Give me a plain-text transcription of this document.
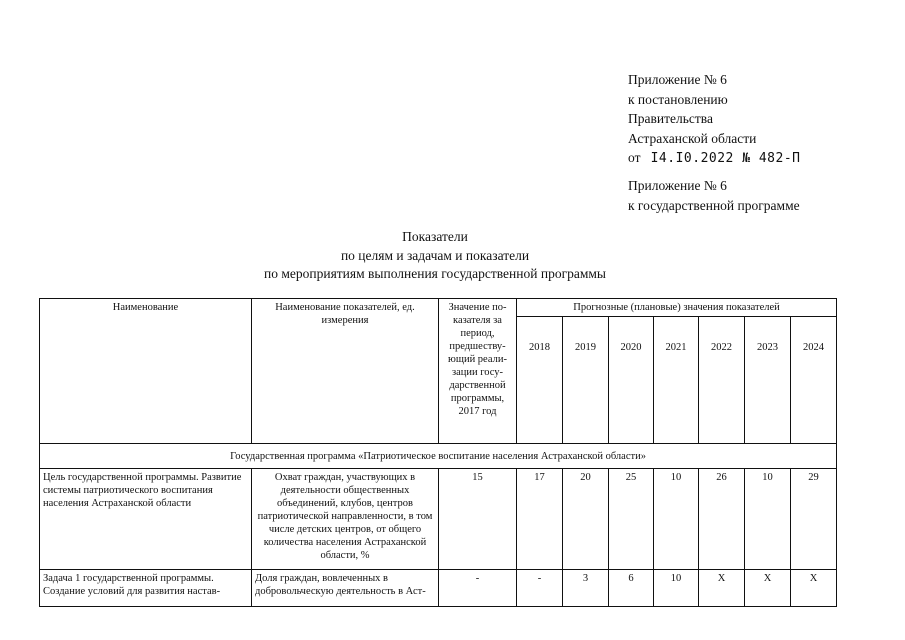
Приложение № 6
к постановлению
Правительства
Астраханской области
от I4.I0.2022 № 482-П
Приложение № 6
к государственной программе
Показатели
по целям и задачам и показатели
по мероприятиям выполнения государственной программы
Наименование	Наименование показателей, ед. измерения	Значение по-казателя за период, предшеству-ющий реали-зации госу-дарственной программы, 2017 год	Прогнозные (плановые) значения показателей						
			2018	2019	2020	2021	2022	2023	2024
Государственная программа «Патриотическое воспитание населения Астраханской области»									
Цель государственной программы. Развитие системы патриотического воспитания населения Астраханской области	Охват граждан, участвующих в деятельности общественных объединений, клубов, центров патриотической направленности, в том числе детских центров, от общего количества населения Астраханской области, %	15	17	20	25	10	26	10	29
Задача 1 государственной программы. Создание условий для развития настав-	Доля граждан, вовлеченных в добровольческую деятельность в Аст-	-	-	3	6	10	Х	Х	Х
